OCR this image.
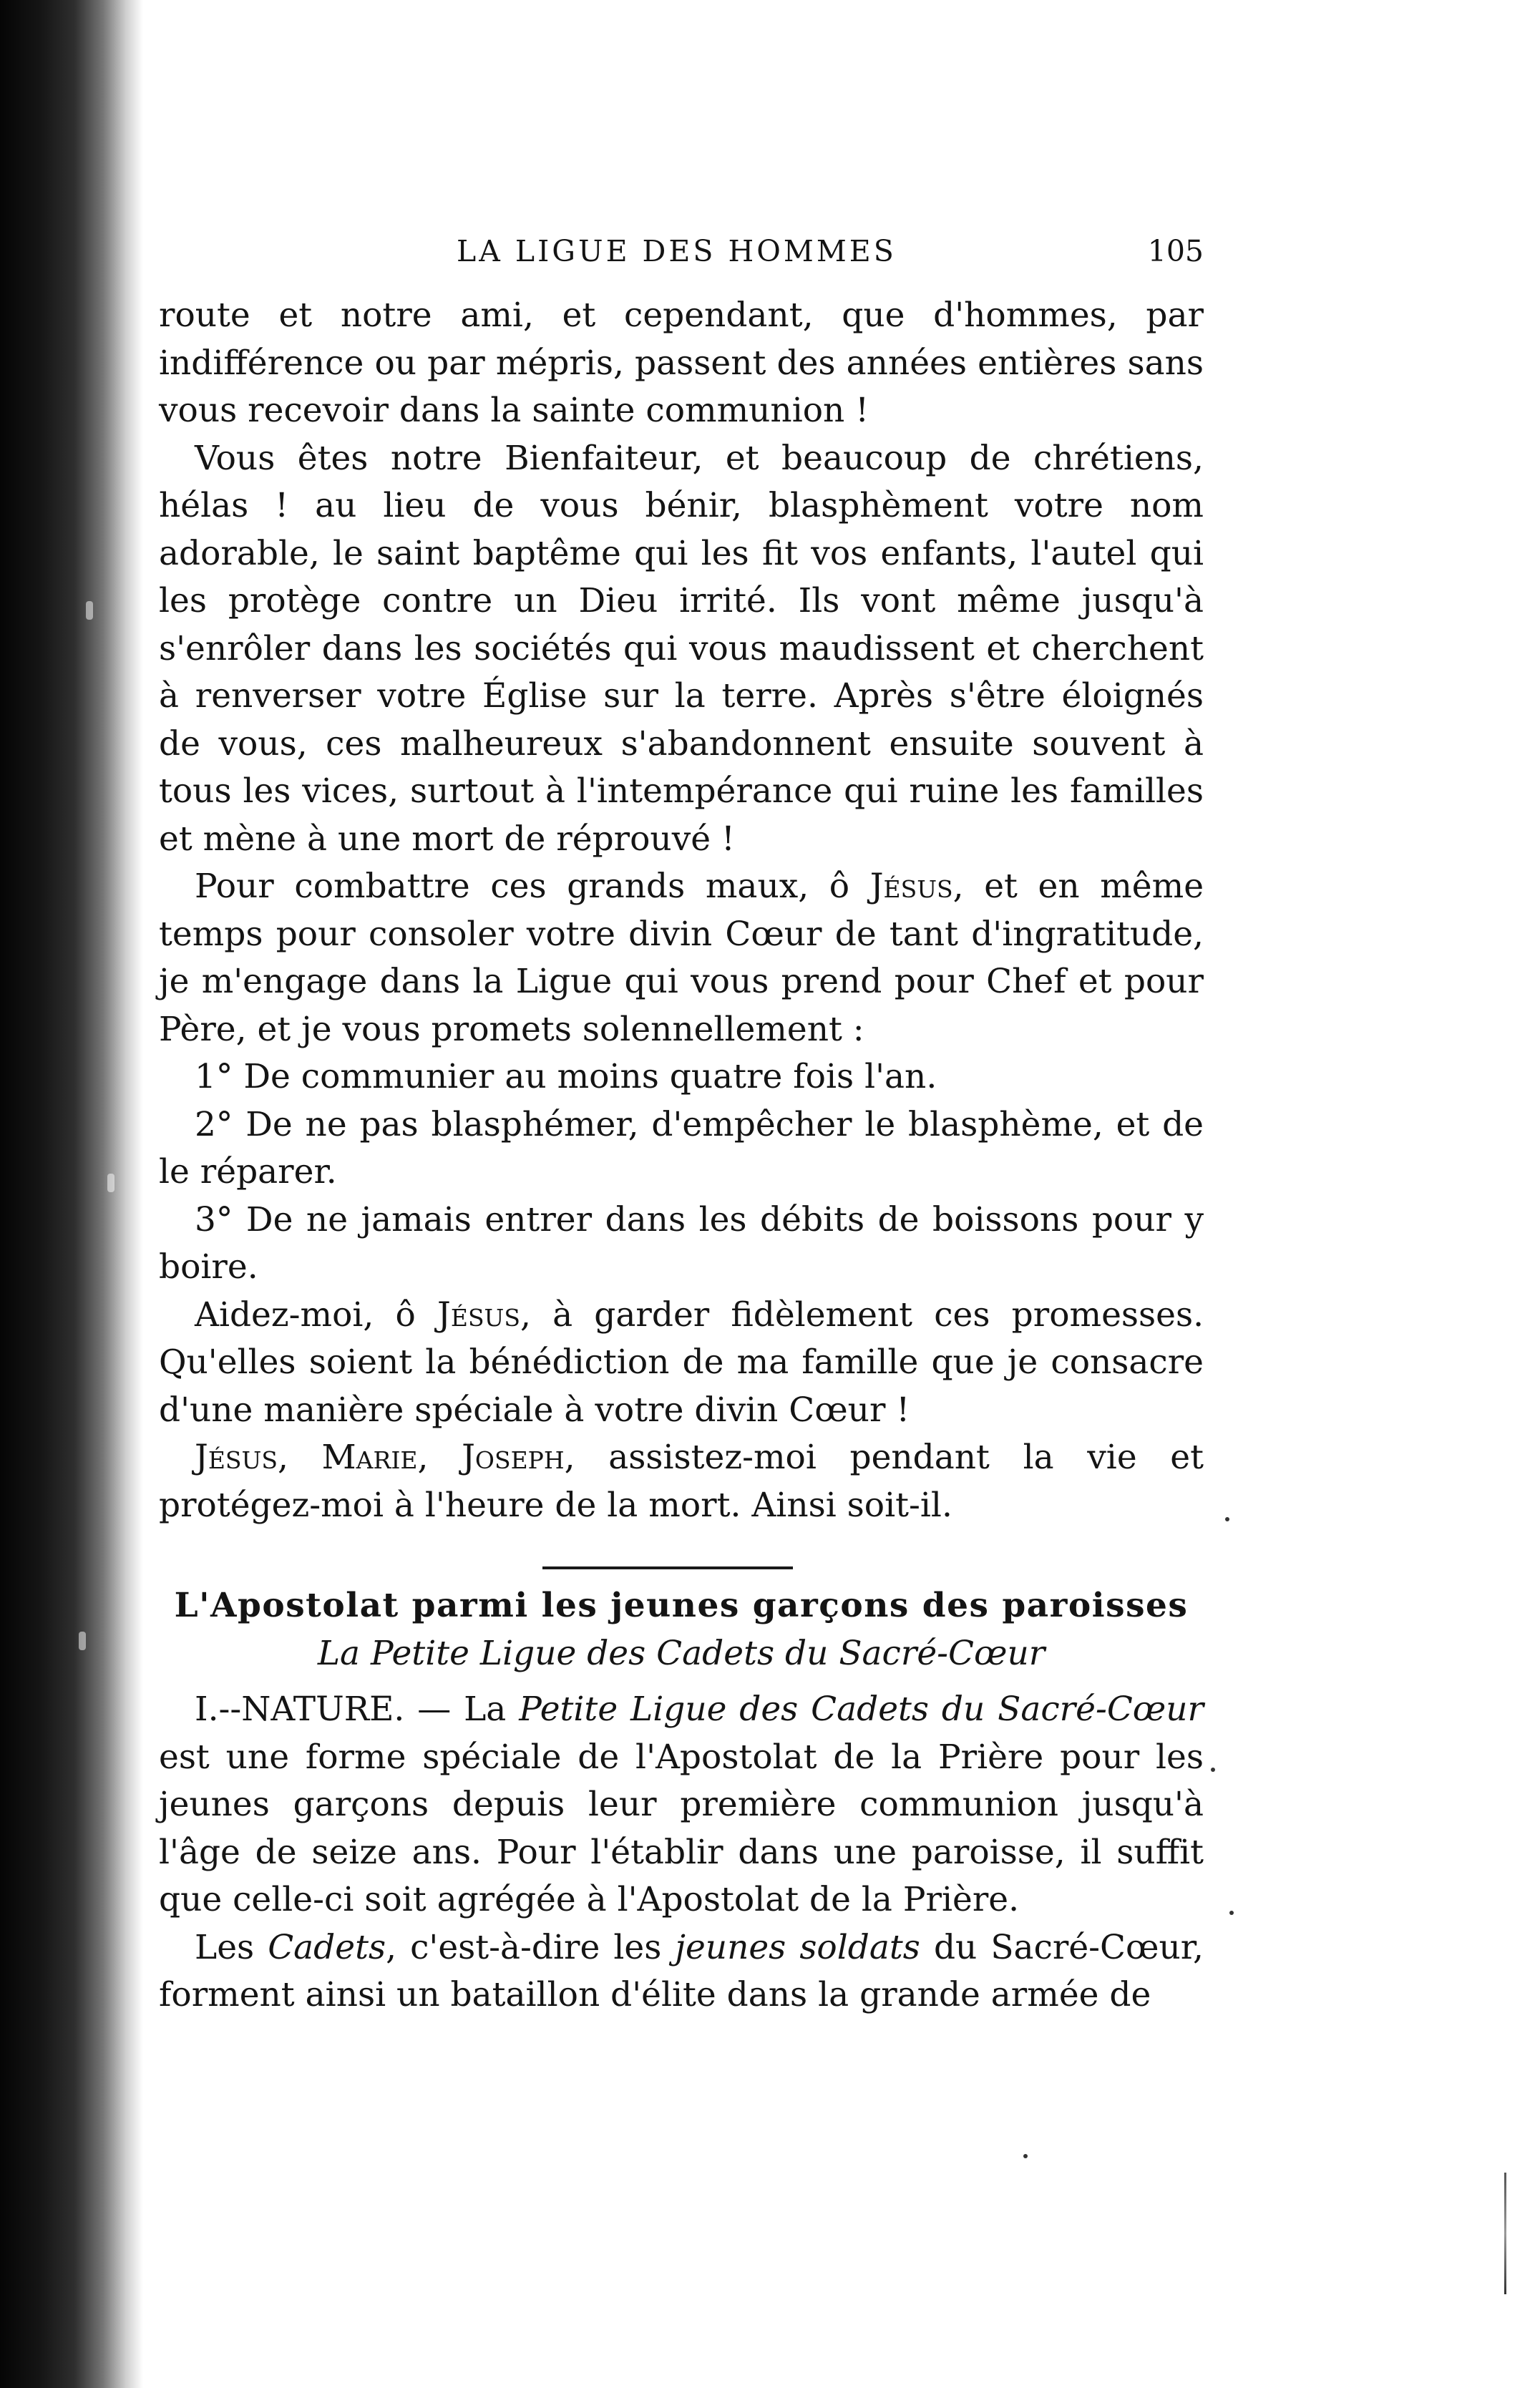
LA LIGUE DES HOMMES	105

route et notre ami, et cependant, que d'hommes, par indifférence ou par mépris, passent des années entières sans vous recevoir dans la sainte communion !

Vous êtes notre Bienfaiteur, et beaucoup de chrétiens, hélas ! au lieu de vous bénir, blasphèment votre nom adorable, le saint baptême qui les fit vos enfants, l'autel qui les protège contre un Dieu irrité. Ils vont même jusqu'à s'enrôler dans les sociétés qui vous maudissent et cherchent à renverser votre Église sur la terre. Après s'être éloignés de vous, ces malheureux s'abandonnent ensuite souvent à tous les vices, surtout à l'intempérance qui ruine les familles et mène à une mort de réprouvé !

Pour combattre ces grands maux, ô Jésus, et en même temps pour consoler votre divin Cœur de tant d'ingratitude, je m'engage dans la Ligue qui vous prend pour Chef et pour Père, et je vous promets solennellement :

1° De communier au moins quatre fois l'an.

2° De ne pas blasphémer, d'empêcher le blasphème, et de le réparer.

3° De ne jamais entrer dans les débits de boissons pour y boire.

Aidez-moi, ô Jésus, à garder fidèlement ces promesses. Qu'elles soient la bénédiction de ma famille que je consacre d'une manière spéciale à votre divin Cœur !

Jésus, Marie, Joseph, assistez-moi pendant la vie et protégez-moi à l'heure de la mort. Ainsi soit-il.

L'Apostolat parmi les jeunes garçons des paroisses

La Petite Ligue des Cadets du Sacré-Cœur

I.--NATURE. — La Petite Ligue des Cadets du Sacré-Cœur est une forme spéciale de l'Apostolat de la Prière pour les jeunes garçons depuis leur première communion jusqu'à l'âge de seize ans. Pour l'établir dans une paroisse, il suffit que celle-ci soit agrégée à l'Apostolat de la Prière.

Les Cadets, c'est-à-dire les jeunes soldats du Sacré-Cœur, forment ainsi un bataillon d'élite dans la grande armée de
